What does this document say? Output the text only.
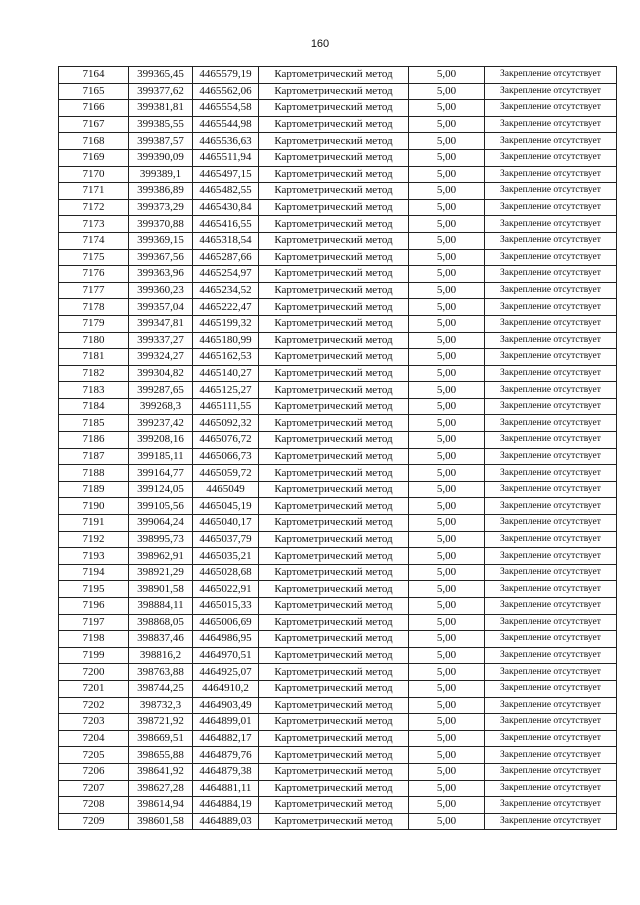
160
7164	399365,45	4465579,19	Картометрический метод	5,00	Закрепление отсутствует
7165	399377,62	4465562,06	Картометрический метод	5,00	Закрепление отсутствует
7166	399381,81	4465554,58	Картометрический метод	5,00	Закрепление отсутствует
7167	399385,55	4465544,98	Картометрический метод	5,00	Закрепление отсутствует
7168	399387,57	4465536,63	Картометрический метод	5,00	Закрепление отсутствует
7169	399390,09	4465511,94	Картометрический метод	5,00	Закрепление отсутствует
7170	399389,1	4465497,15	Картометрический метод	5,00	Закрепление отсутствует
7171	399386,89	4465482,55	Картометрический метод	5,00	Закрепление отсутствует
7172	399373,29	4465430,84	Картометрический метод	5,00	Закрепление отсутствует
7173	399370,88	4465416,55	Картометрический метод	5,00	Закрепление отсутствует
7174	399369,15	4465318,54	Картометрический метод	5,00	Закрепление отсутствует
7175	399367,56	4465287,66	Картометрический метод	5,00	Закрепление отсутствует
7176	399363,96	4465254,97	Картометрический метод	5,00	Закрепление отсутствует
7177	399360,23	4465234,52	Картометрический метод	5,00	Закрепление отсутствует
7178	399357,04	4465222,47	Картометрический метод	5,00	Закрепление отсутствует
7179	399347,81	4465199,32	Картометрический метод	5,00	Закрепление отсутствует
7180	399337,27	4465180,99	Картометрический метод	5,00	Закрепление отсутствует
7181	399324,27	4465162,53	Картометрический метод	5,00	Закрепление отсутствует
7182	399304,82	4465140,27	Картометрический метод	5,00	Закрепление отсутствует
7183	399287,65	4465125,27	Картометрический метод	5,00	Закрепление отсутствует
7184	399268,3	4465111,55	Картометрический метод	5,00	Закрепление отсутствует
7185	399237,42	4465092,32	Картометрический метод	5,00	Закрепление отсутствует
7186	399208,16	4465076,72	Картометрический метод	5,00	Закрепление отсутствует
7187	399185,11	4465066,73	Картометрический метод	5,00	Закрепление отсутствует
7188	399164,77	4465059,72	Картометрический метод	5,00	Закрепление отсутствует
7189	399124,05	4465049	Картометрический метод	5,00	Закрепление отсутствует
7190	399105,56	4465045,19	Картометрический метод	5,00	Закрепление отсутствует
7191	399064,24	4465040,17	Картометрический метод	5,00	Закрепление отсутствует
7192	398995,73	4465037,79	Картометрический метод	5,00	Закрепление отсутствует
7193	398962,91	4465035,21	Картометрический метод	5,00	Закрепление отсутствует
7194	398921,29	4465028,68	Картометрический метод	5,00	Закрепление отсутствует
7195	398901,58	4465022,91	Картометрический метод	5,00	Закрепление отсутствует
7196	398884,11	4465015,33	Картометрический метод	5,00	Закрепление отсутствует
7197	398868,05	4465006,69	Картометрический метод	5,00	Закрепление отсутствует
7198	398837,46	4464986,95	Картометрический метод	5,00	Закрепление отсутствует
7199	398816,2	4464970,51	Картометрический метод	5,00	Закрепление отсутствует
7200	398763,88	4464925,07	Картометрический метод	5,00	Закрепление отсутствует
7201	398744,25	4464910,2	Картометрический метод	5,00	Закрепление отсутствует
7202	398732,3	4464903,49	Картометрический метод	5,00	Закрепление отсутствует
7203	398721,92	4464899,01	Картометрический метод	5,00	Закрепление отсутствует
7204	398669,51	4464882,17	Картометрический метод	5,00	Закрепление отсутствует
7205	398655,88	4464879,76	Картометрический метод	5,00	Закрепление отсутствует
7206	398641,92	4464879,38	Картометрический метод	5,00	Закрепление отсутствует
7207	398627,28	4464881,11	Картометрический метод	5,00	Закрепление отсутствует
7208	398614,94	4464884,19	Картометрический метод	5,00	Закрепление отсутствует
7209	398601,58	4464889,03	Картометрический метод	5,00	Закрепление отсутствует
